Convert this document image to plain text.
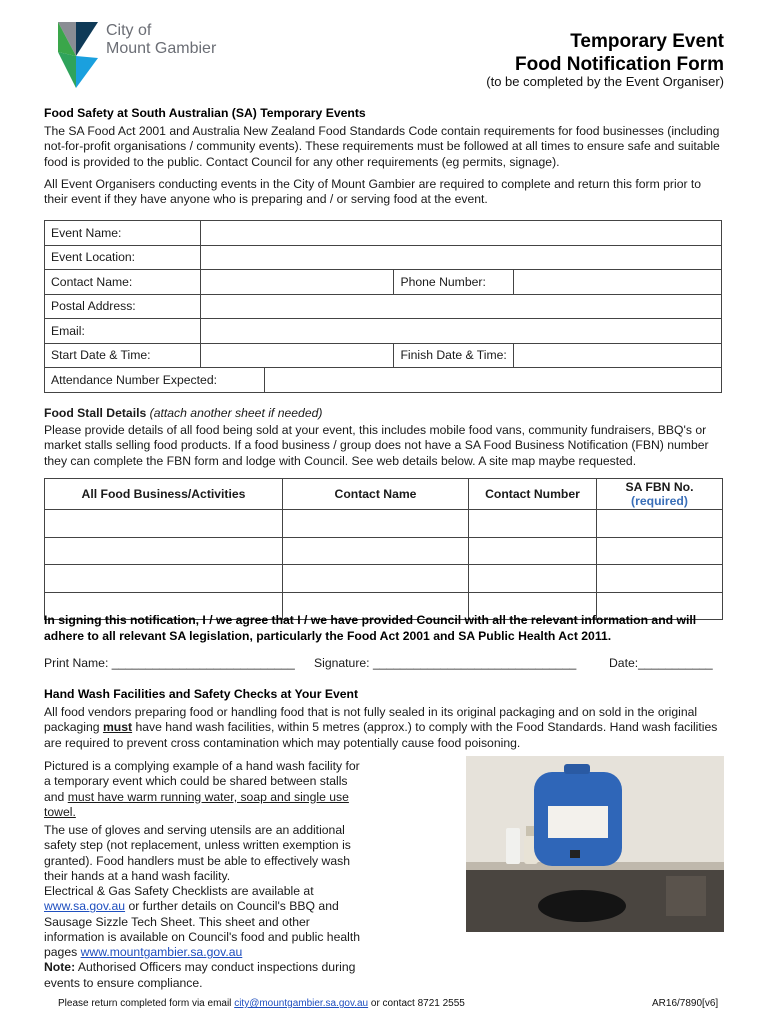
City of
Mount Gambier	Temporary Event
Food Notification Form
(to be completed by the Event Organiser)
Food Safety at South Australian (SA) Temporary Events
The SA Food Act 2001 and Australia New Zealand Food Standards Code contain requirements for food businesses (including not-for-profit organisations / community events). These requirements must be followed at all times to ensure safe and suitable food is provided to the public. Contact Council for any other requirements (eg permits, signage).
All Event Organisers conducting events in the City of Mount Gambier are required to complete and return this form prior to their event if they have anyone who is preparing and / or serving food at the event.
Event Name:				
Event Location:				
Contact Name:			Phone Number:	
Postal Address:				
Email:				
Start Date & Time:			Finish Date & Time:	
Attendance Number Expected:				
Food Stall Details (attach another sheet if needed)
Please provide details of all food being sold at your event, this includes mobile food vans, community fundraisers, BBQ's or market stalls selling food products. If a food business / group does not have a SA Food Business Notification (FBN) number they can complete the FBN form and lodge with Council. See web details below. A site map maybe requested.
All Food Business/Activities	Contact Name	Contact Number	SA FBN No.
(required)

In signing this notification, I / we agree that I / we have provided Council with all the relevant information and will adhere to all relevant SA legislation, particularly the Food Act 2001 and SA Public Health Act 2011.
Print Name: ___________________________ Signature: ______________________________	Date:___________
Hand Wash Facilities and Safety Checks at Your Event
All food vendors preparing food or handling food that is not fully sealed in its original packaging and on sold in the original packaging must have hand wash facilities, within 5 metres (approx.) to comply with the Food Standards. Hand wash facilities are required to prevent cross contamination which may potentially cause food poisoning.
Pictured is a complying example of a hand wash facility for a temporary event which could be shared between stalls and must have warm running water, soap and single use towel.
The use of gloves and serving utensils are an additional safety step (not replacement, unless written exemption is granted). Food handlers must be able to effectively wash their hands at a hand wash facility.
Electrical & Gas Safety Checklists are available at www.sa.gov.au or further details on Council's BBQ and Sausage Sizzle Tech Sheet. This sheet and other information is available on Council's food and public health pages www.mountgambier.sa.gov.au
Note: Authorised Officers may conduct inspections during events to ensure compliance.
Please return completed form via email city@mountgambier.sa.gov.au or contact 8721 2555	AR16/7890[v6]
